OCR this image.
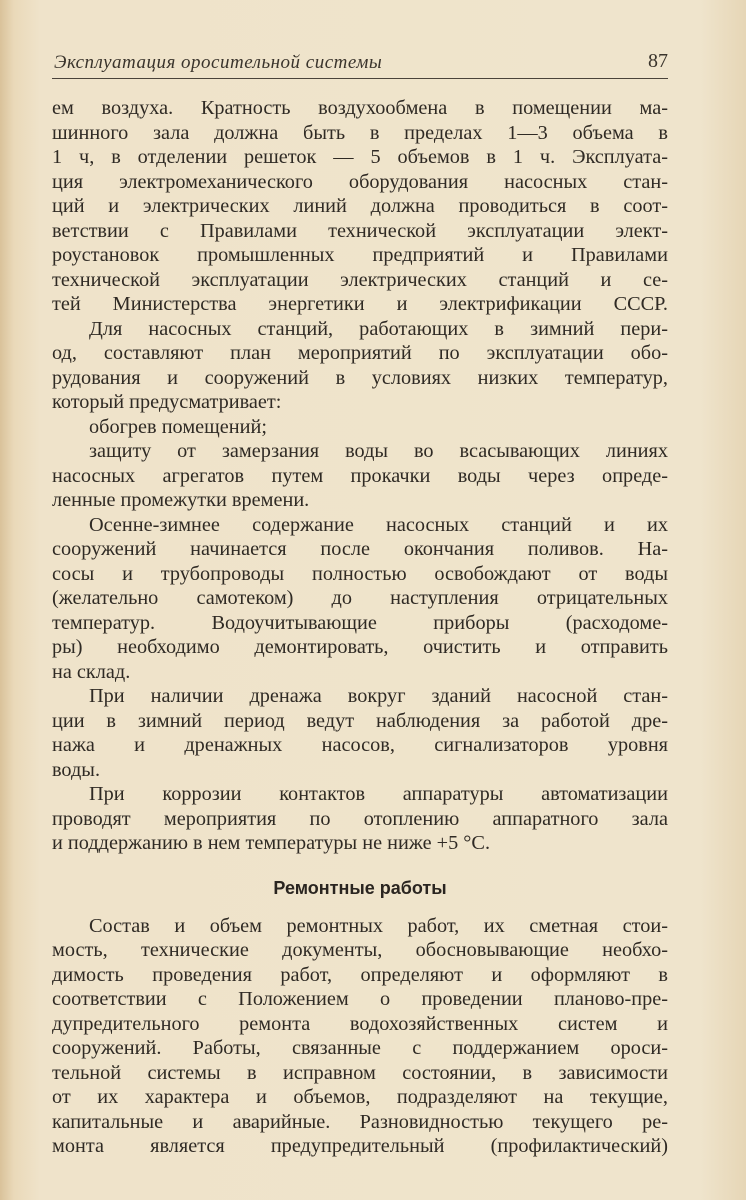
Эксплуатация оросительной системы	87
ем воздуха. Кратность воздухообмена в помещении ма-
шинного зала должна быть в пределах 1—3 объема в
1 ч, в отделении решеток — 5 объемов в 1 ч. Эксплуата-
ция электромеханического оборудования насосных стан-
ций и электрических линий должна проводиться в соот-
ветствии с Правилами технической эксплуатации элект-
роустановок промышленных предприятий и Правилами
технической эксплуатации электрических станций и се-
тей Министерства энергетики и электрификации СССР.
Для насосных станций, работающих в зимний пери-
од, составляют план мероприятий по эксплуатации обо-
рудования и сооружений в условиях низких температур,
который предусматривает:
обогрев помещений;
защиту от замерзания воды во всасывающих линиях
насосных агрегатов путем прокачки воды через опреде-
ленные промежутки времени.
Осенне-зимнее содержание насосных станций и их
сооружений начинается после окончания поливов. На-
сосы и трубопроводы полностью освобождают от воды
(желательно самотеком) до наступления отрицательных
температур. Водоучитывающие приборы (расходоме-
ры) необходимо демонтировать, очистить и отправить
на склад.
При наличии дренажа вокруг зданий насосной стан-
ции в зимний период ведут наблюдения за работой дре-
нажа и дренажных насосов, сигнализаторов уровня
воды.
При коррозии контактов аппаратуры автоматизации
проводят мероприятия по отоплению аппаратного зала
и поддержанию в нем температуры не ниже +5 °С.
Ремонтные работы
Состав и объем ремонтных работ, их сметная стои-
мость, технические документы, обосновывающие необхо-
димость проведения работ, определяют и оформляют в
соответствии с Положением о проведении планово-пре-
дупредительного ремонта водохозяйственных систем и
сооружений. Работы, связанные с поддержанием ороси-
тельной системы в исправном состоянии, в зависимости
от их характера и объемов, подразделяют на текущие,
капитальные и аварийные. Разновидностью текущего ре-
монта является предупредительный (профилактический)
